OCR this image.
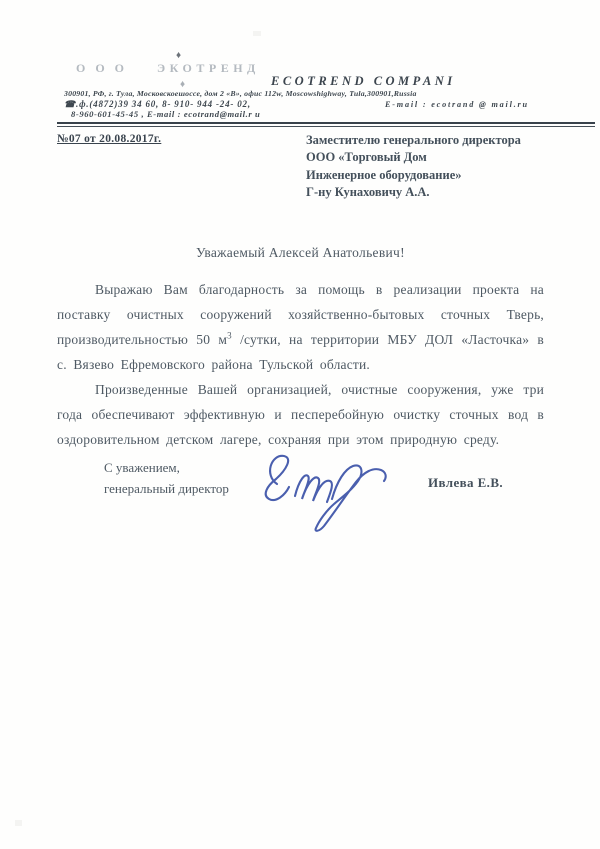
ООО ЭКОТРЕНД
♦
♦	ECOTREND COMPANI
300901, РФ, г. Тула, Московскоешоссе, дом 2 «В», офис 112w, Moscowshighway, Tula,300901,Russia
☎.ф.(4872)39 34 60, 8- 910- 944 -24- 02,	E-mail : ecotrand @ mail.ru
8-960-601-45-45 , E-mail : ecotrand@mail.r u
№07 от 20.08.2017г.	Заместителю генерального директора
ООО «Торговый Дом
Инженерное оборудование»
Г-ну Кунаховичу А.А.

Уважаемый Алексей Анатольевич!

Выражаю Вам благодарность за помощь в реализации проекта на поставку очистных сооружений хозяйственно-бытовых сточных Тверь, производительностью 50 $м^3$ /сутки, на территории МБУ ДОЛ «Ласточка» в с. Вязево Ефремовского района Тульской области.

Произведенные Вашей организацией, очистные сооружения, уже три года обеспечивают эффективную и песперебойную очистку сточных вод в оздоровительном детском лагере, сохраняя при этом природную среду.

С уважением,
генеральный директор	Ивлева Е.В.
